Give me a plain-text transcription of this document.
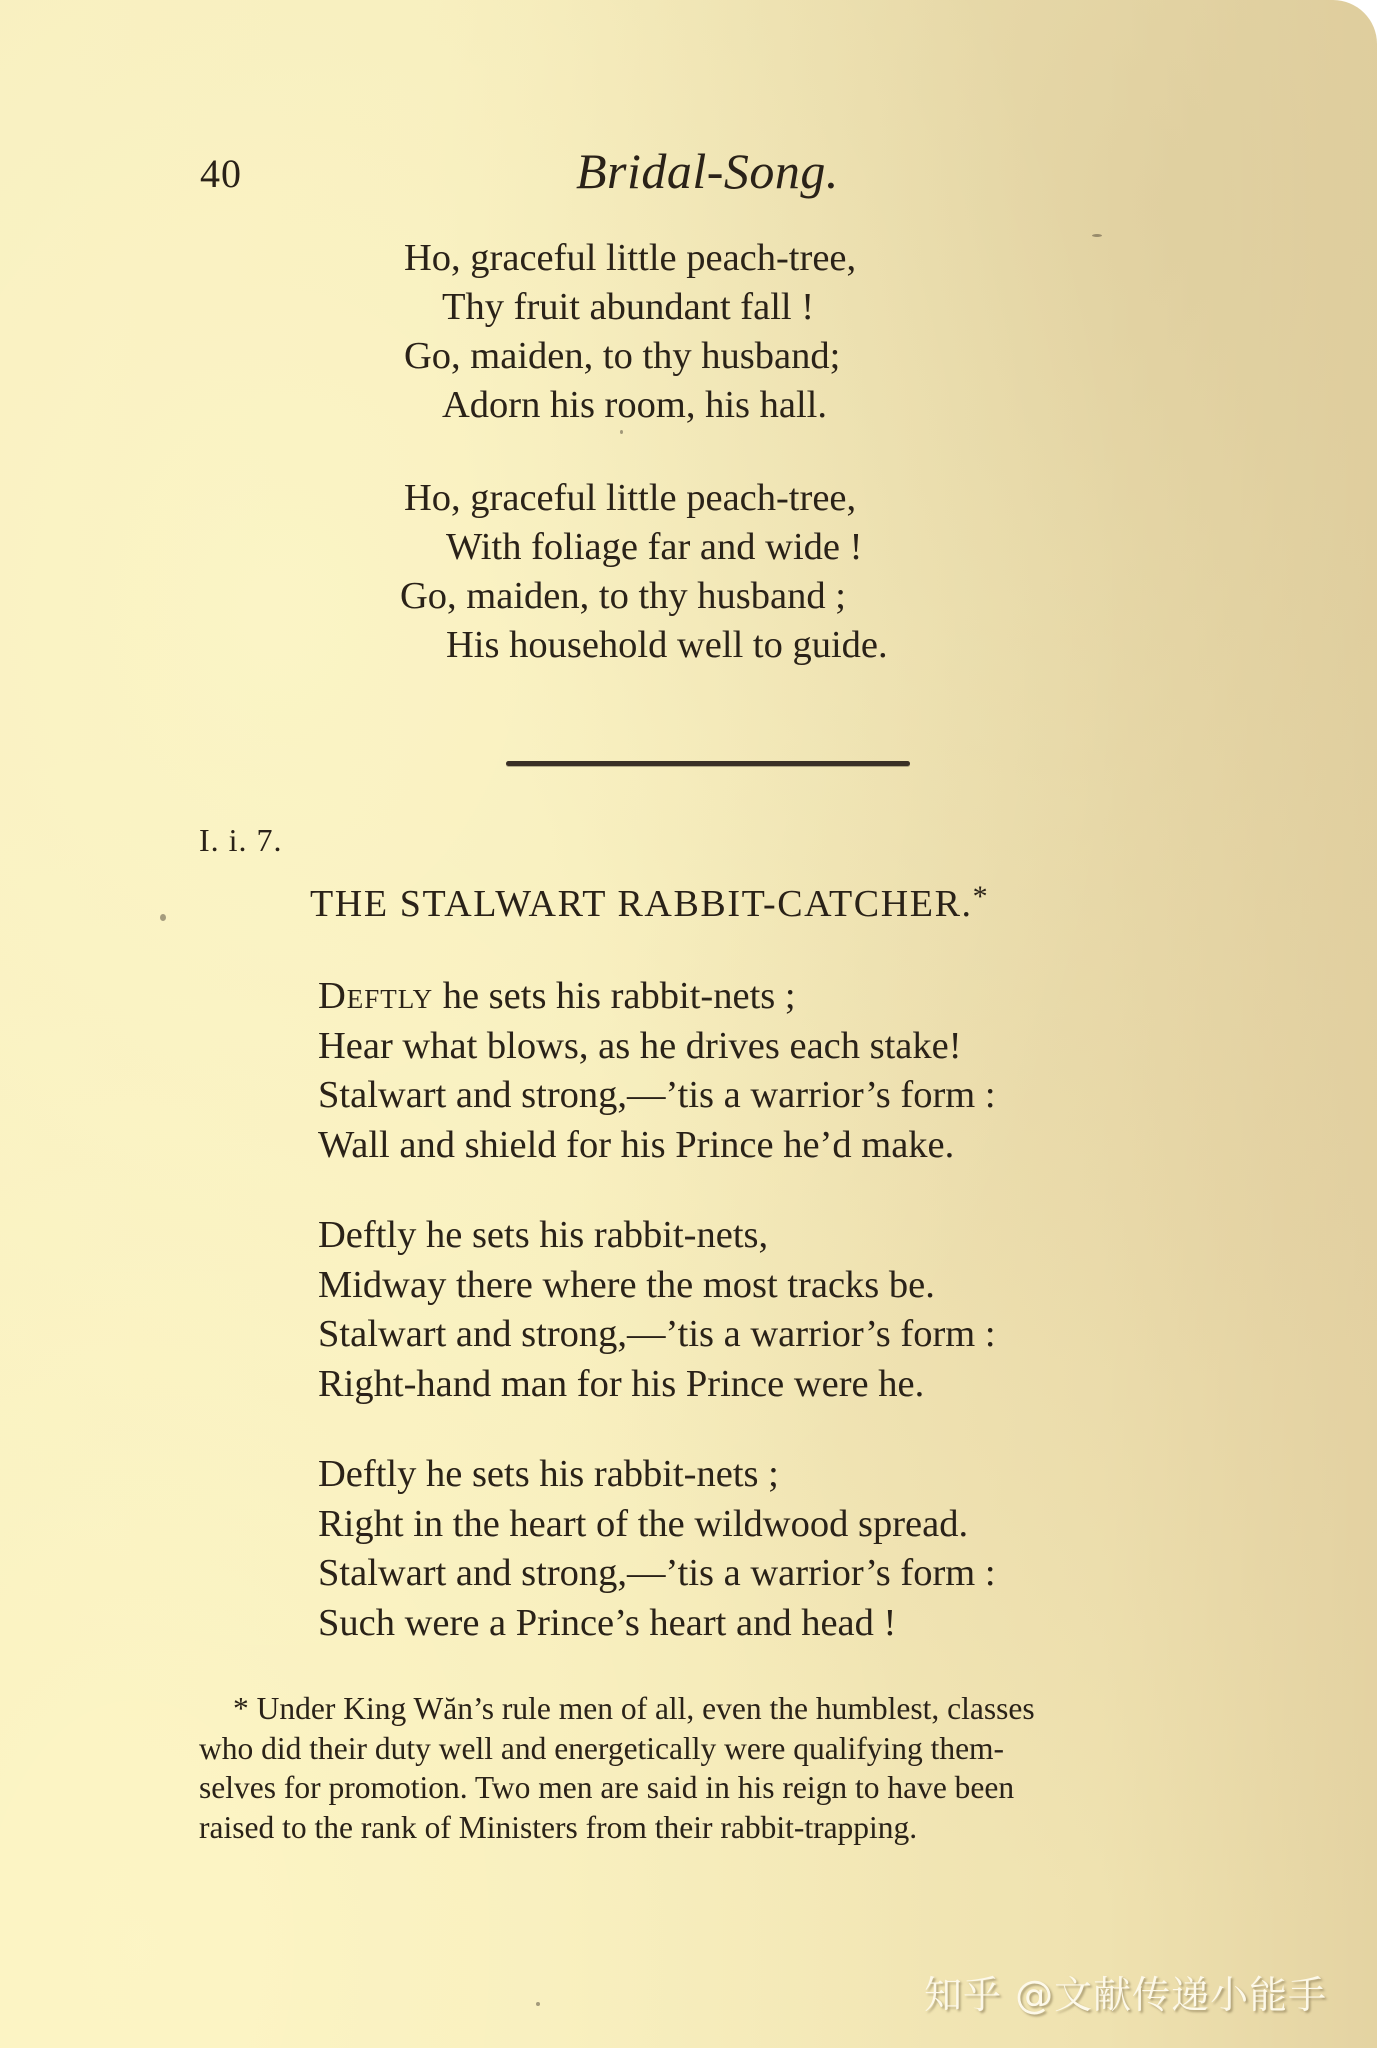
40	Bridal-Song.
Ho, graceful little peach-tree,
Thy fruit abundant fall !
Go, maiden, to thy husband;
Adorn his room, his hall.
Ho, graceful little peach-tree,
With foliage far and wide !
Go, maiden, to thy husband ;
His household well to guide.
I. i. 7.
THE STALWART RABBIT-CATCHER.*
Deftly he sets his rabbit-nets ;
Hear what blows, as he drives each stake!
Stalwart and strong,—’tis a warrior’s form :
Wall and shield for his Prince he’d make.
Deftly he sets his rabbit-nets,
Midway there where the most tracks be.
Stalwart and strong,—’tis a warrior’s form :
Right-hand man for his Prince were he.
Deftly he sets his rabbit-nets ;
Right in the heart of the wildwood spread.
Stalwart and strong,—’tis a warrior’s form :
Such were a Prince’s heart and head !
* Under King Wăn’s rule men of all, even the humblest, classes
who did their duty well and energetically were qualifying them-
selves for promotion. Two men are said in his reign to have been
raised to the rank of Ministers from their rabbit-trapping.
知乎 @文献传递小能手
